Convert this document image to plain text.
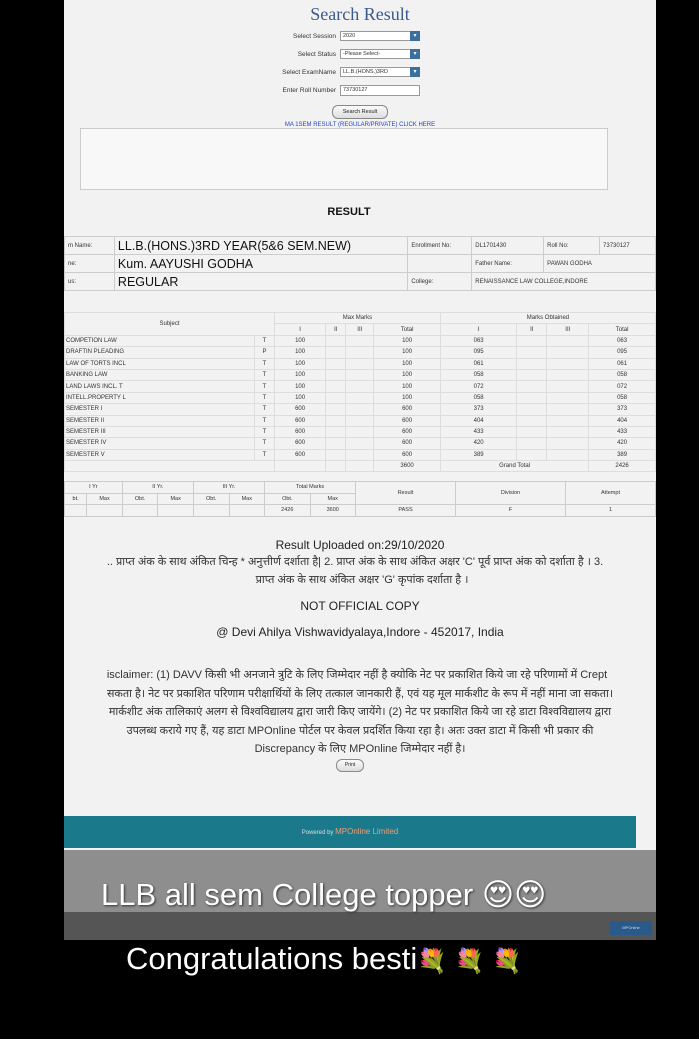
Search Result
Select Session	2020	▾
Select Status	-Please Select-	▾
Select ExamName	LL.B.(HONS.)3RD	▾
Enter Roll Number	73730127
Search Result
MA 1SEM RESULT (REGULAR/PRIVATE) CLICK HERE
RESULT
m Name:	LL.B.(HONS.)3RD YEAR(5&6 SEM.NEW)	Enrollment No:	DL1701430	Roll No:	73730127
ne:	Kum. AAYUSHI GODHA		Father Name:	PAWAN GODHA	
us:	REGULAR	College:	RENAISSANCE LAW COLLEGE,INDORE		
Subject		Max Marks				Marks Obtained			
		I	II	III	Total	I	II	III	Total
COMPETION LAW	T	100			100	063			063
DRAFTIN PLEADING	P	100			100	095			095
LAW OF TORTS INCL	T	100			100	061			061
BANKING LAW	T	100			100	058			058
LAND LAWS INCL. T	T	100			100	072			072
INTELL.PROPERTY L	T	100			100	058			058
SEMESTER I	T	600			600	373			373
SEMESTER II	T	600			600	404			404
SEMESTER III	T	600			600	433			433
SEMESTER IV	T	600			600	420			420
SEMESTER V	T	600			600	389			389
					3600	Grand Total			2426
I Yr		II Yr.		III Yr.		Total Marks		Result	Division	Attempt
bt.	Max	Obt.	Max	Obt.	Max	Obt.	Max			
						2426	3600	PASS	F	1
Result Uploaded on:29/10/2020
.. प्राप्त अंक के साथ अंकित चिन्ह * अनुत्तीर्ण दर्शाता है| 2. प्राप्त अंक के साथ अंकित अक्षर 'C' पूर्व प्राप्त अंक को दर्शाता है । 3.
प्राप्त अंक के साथ अंकित अक्षर 'G' कृपांक दर्शाता है ।
NOT OFFICIAL COPY
@ Devi Ahilya Vishwavidyalaya,Indore - 452017, India
isclaimer: (1) DAVV किसी भी अनजाने त्रुटि के लिए जिम्मेदार नहीं है क्योकि नेट पर प्रकाशित किये जा रहे परिणामों में Crept
सकता है। नेट पर प्रकाशित परिणाम परीक्षार्थियों के लिए तत्काल जानकारी हैं, एवं यह मूल मार्कशीट के रूप में नहीं माना जा सकता।
मार्कशीट अंक तालिकाएं अलग से विश्वविद्यालय द्वारा जारी किए जायेंगे। (2) नेट पर प्रकाशित किये जा रहे डाटा विश्वविद्यालय द्वारा
उपलब्ध कराये गए हैं, यह डाटा MPOnline पोर्टल पर केवल प्रदर्शित किया रहा है। अतः उक्त डाटा में किसी भी प्रकार की
Discrepancy के लिए MPOnline जिम्मेदार नहीं है।
Print
Powered by MPOnline Limited
MPOnline
LLB all sem College topper 😍😍
Congratulations besti💐 💐 💐
